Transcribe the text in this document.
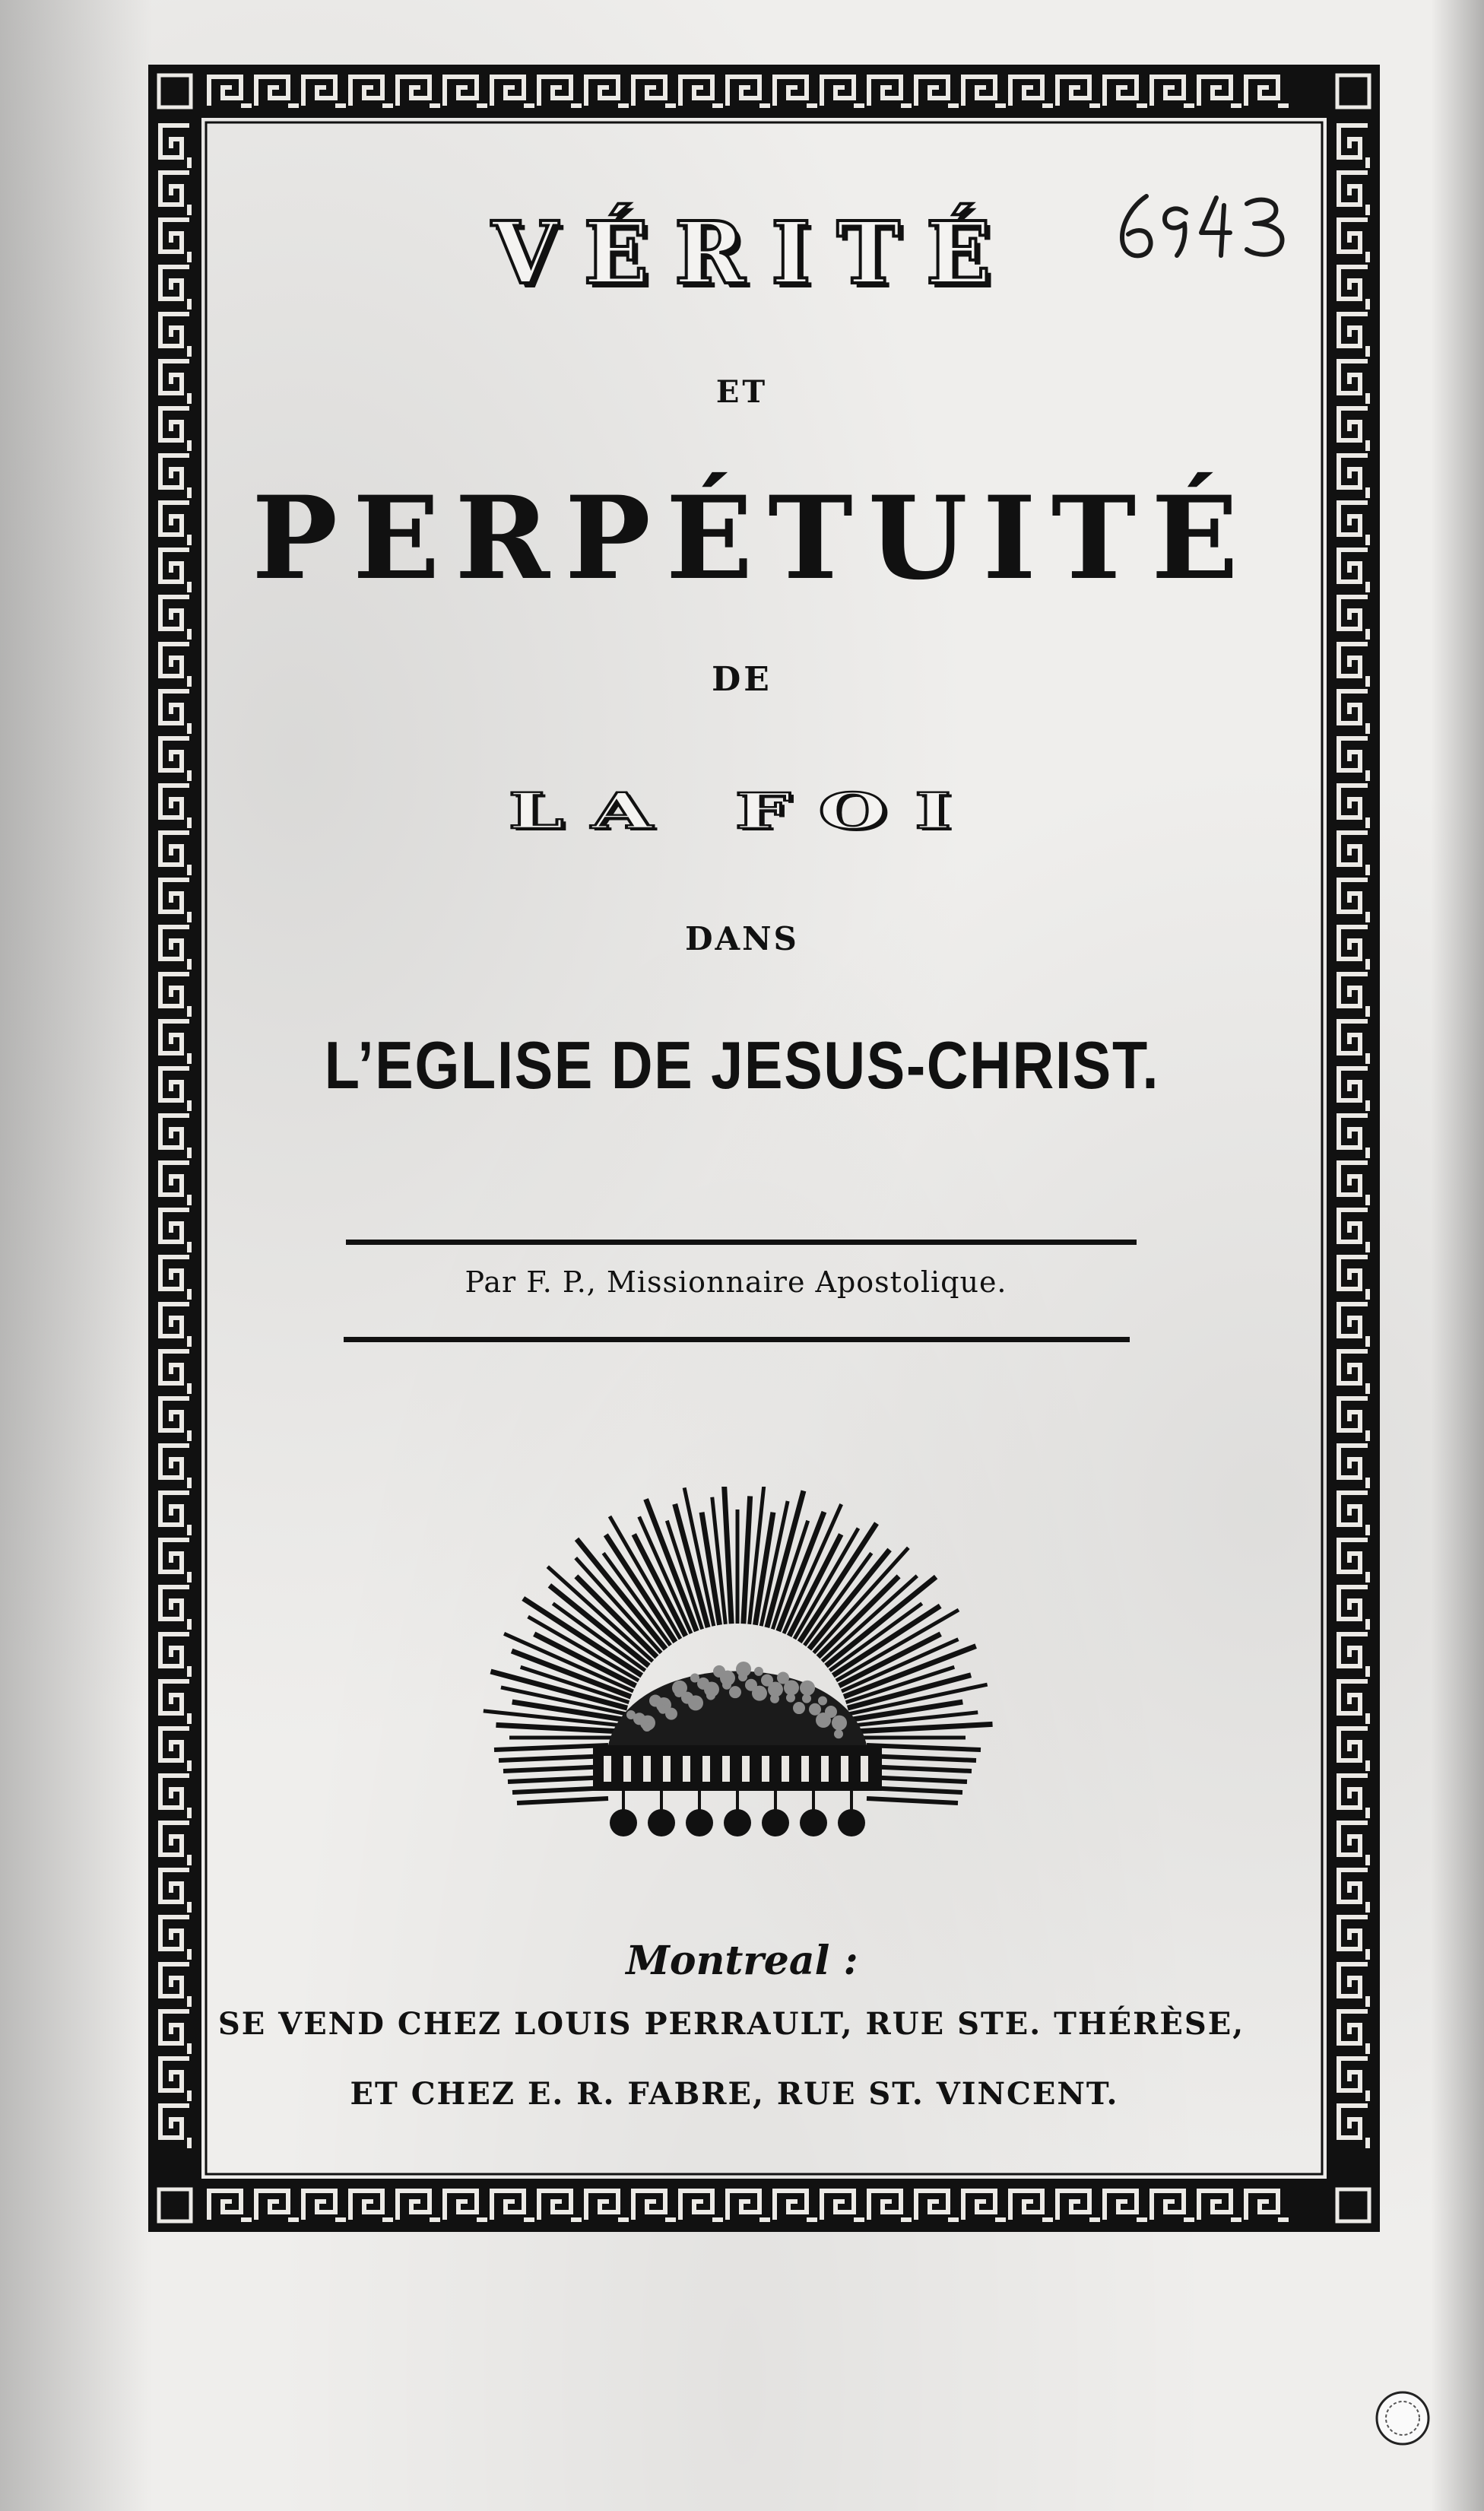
VÉRITÉ
ET
PERPÉTUITÉ
DE
LA FOI
DANS
L’EGLISE DE JESUS-CHRIST.
Par F. P., Missionnaire Apostolique.
Montreal :
SE VEND CHEZ LOUIS PERRAULT, RUE STE. THÉRÈSE,
ET CHEZ E. R. FABRE, RUE ST. VINCENT.
